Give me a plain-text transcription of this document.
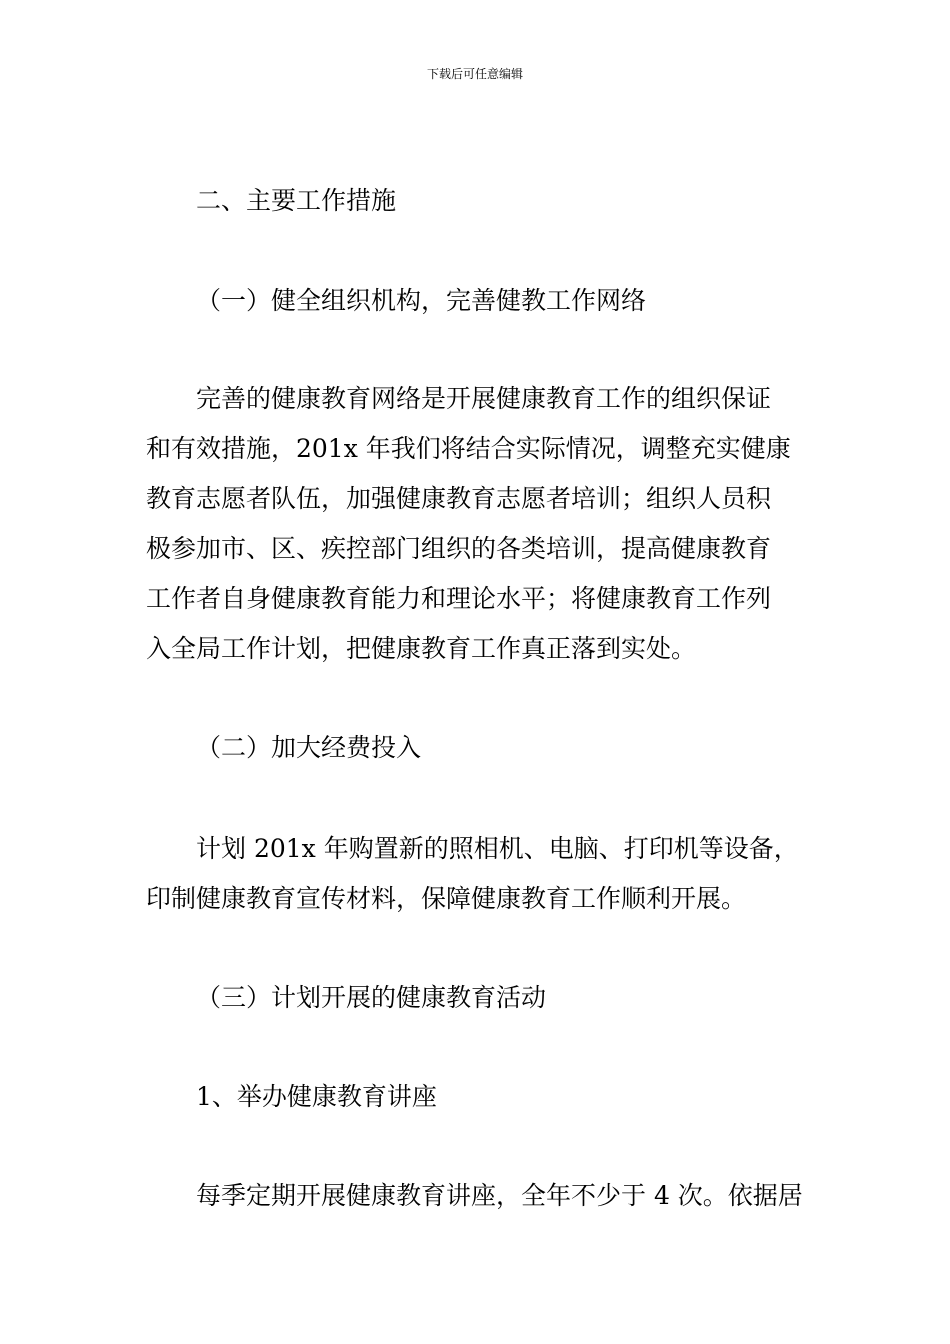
下载后可任意编辑
二、主要工作措施
（一）健全组织机构，完善健教工作网络
完善的健康教育网络是开展健康教育工作的组织保证
和有效措施，201x 年我们将结合实际情况，调整充实健康
教育志愿者队伍，加强健康教育志愿者培训；组织人员积
极参加市、区、疾控部门组织的各类培训，提高健康教育
工作者自身健康教育能力和理论水平；将健康教育工作列
入全局工作计划，把健康教育工作真正落到实处。
（二）加大经费投入
计划 201x 年购置新的照相机、电脑、打印机等设备，
印制健康教育宣传材料，保障健康教育工作顺利开展。
（三）计划开展的健康教育活动
1、举办健康教育讲座
每季定期开展健康教育讲座，全年不少于 4 次。依据居
